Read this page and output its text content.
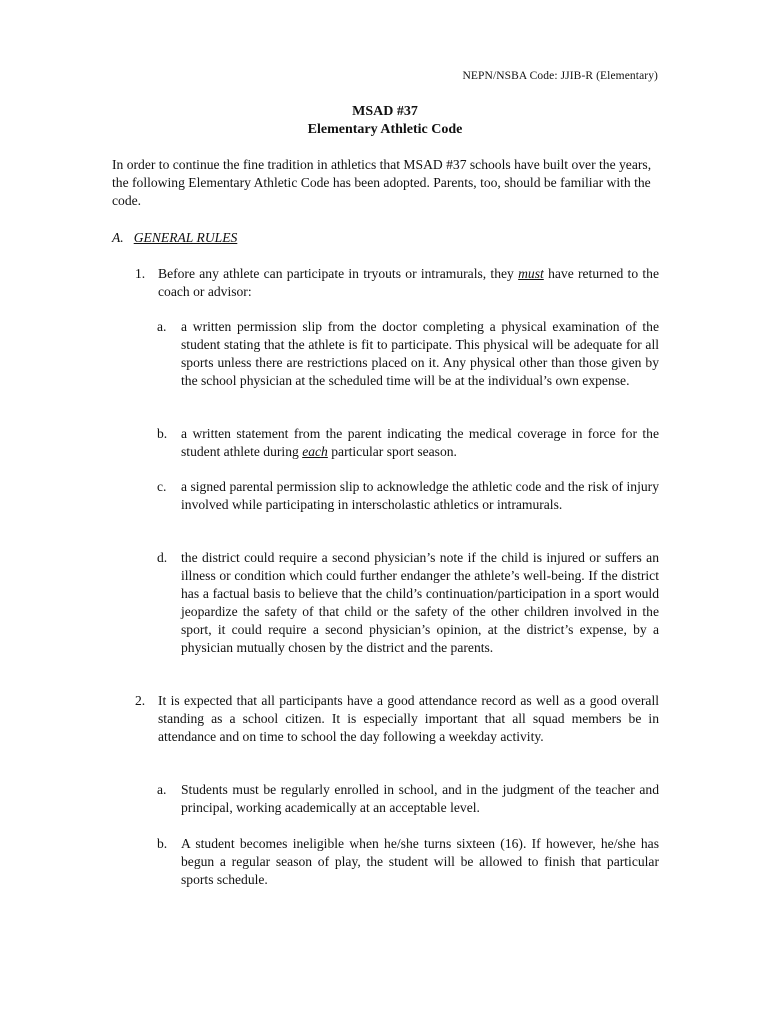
NEPN/NSBA Code: JJIB-R (Elementary)
MSAD #37
Elementary Athletic Code
In order to continue the fine tradition in athletics that MSAD #37 schools have built over the years, the following Elementary Athletic Code has been adopted. Parents, too, should be familiar with the code.
A. GENERAL RULES
1. Before any athlete can participate in tryouts or intramurals, they must have returned to the coach or advisor:
a.	a written permission slip from the doctor completing a physical examination of the student stating that the athlete is fit to participate. This physical will be adequate for all sports unless there are restrictions placed on it. Any physical other than those given by the school physician at the scheduled time will be at the individual’s own expense.
b.	a written statement from the parent indicating the medical coverage in force for the student athlete during each particular sport season.
c.	a signed parental permission slip to acknowledge the athletic code and the risk of injury involved while participating in interscholastic athletics or intramurals.
d.	the district could require a second physician’s note if the child is injured or suffers an illness or condition which could further endanger the athlete’s well-being. If the district has a factual basis to believe that the child’s continuation/participation in a sport would jeopardize the safety of that child or the safety of the other children involved in the sport, it could require a second physician’s opinion, at the district’s expense, by a physician mutually chosen by the district and the parents.
2. It is expected that all participants have a good attendance record as well as a good overall standing as a school citizen. It is especially important that all squad members be in attendance and on time to school the day following a weekday activity.
a.	Students must be regularly enrolled in school, and in the judgment of the teacher and principal, working academically at an acceptable level.
b.	A student becomes ineligible when he/she turns sixteen (16). If however, he/she has begun a regular season of play, the student will be allowed to finish that particular sports schedule.
